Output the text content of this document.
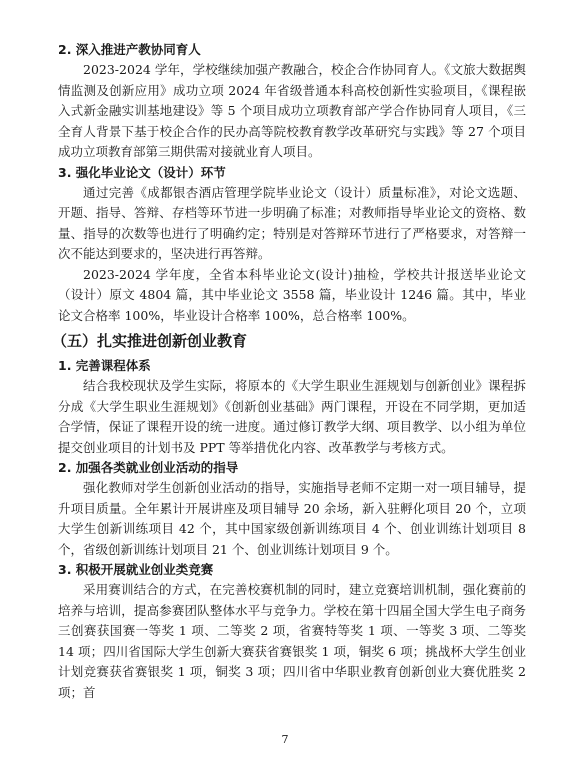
2. 深入推进产教协同育人

2023-2024 学年，学校继续加强产教融合，校企合作协同育人。《文旅大数据舆情监测及创新应用》成功立项 2024 年省级普通本科高校创新性实验项目，《课程嵌入式新金融实训基地建设》等 5 个项目成功立项教育部产学合作协同育人项目，《三全育人背景下基于校企合作的民办高等院校教育教学改革研究与实践》等 27 个项目成功立项教育部第三期供需对接就业育人项目。

3. 强化毕业论文（设计）环节

通过完善《成都银杏酒店管理学院毕业论文（设计）质量标准》，对论文选题、开题、指导、答辩、存档等环节进一步明确了标准；对教师指导毕业论文的资格、数量、指导的次数等也进行了明确约定；特别是对答辩环节进行了严格要求，对答辩一次不能达到要求的，坚决进行再答辩。

2023-2024 学年度，全省本科毕业论文(设计)抽检，学校共计报送毕业论文（设计）原文 4804 篇，其中毕业论文 3558 篇，毕业设计 1246 篇。其中，毕业论文合格率 100%，毕业设计合格率 100%，总合格率 100%。

（五）扎实推进创新创业教育
1. 完善课程体系

结合我校现状及学生实际，将原本的《大学生职业生涯规划与创新创业》课程拆分成《大学生职业生涯规划》《创新创业基础》两门课程，开设在不同学期，更加适合学情，保证了课程开设的统一进度。通过修订教学大纲、项目教学、以小组为单位提交创业项目的计划书及 PPT 等举措优化内容、改革教学与考核方式。

2. 加强各类就业创业活动的指导

强化教师对学生创新创业活动的指导，实施指导老师不定期一对一项目辅导，提升项目质量。全年累计开展讲座及项目辅导 20 余场，新入驻孵化项目 20 个，立项大学生创新训练项目 42 个，其中国家级创新训练项目 4 个、创业训练计划项目 8 个，省级创新训练计划项目 21 个、创业训练计划项目 9 个。

3. 积极开展就业创业类竞赛

采用赛训结合的方式，在完善校赛机制的同时，建立竞赛培训机制，强化赛前的培养与培训，提高参赛团队整体水平与竞争力。学校在第十四届全国大学生电子商务三创赛获国赛一等奖 1 项、二等奖 2 项，省赛特等奖 1 项、一等奖 3 项、二等奖 14 项；四川省国际大学生创新大赛获省赛银奖 1 项，铜奖 6 项；挑战杯大学生创业计划竞赛获省赛银奖 1 项，铜奖 3 项；四川省中华职业教育创新创业大赛优胜奖 2 项；首

7
